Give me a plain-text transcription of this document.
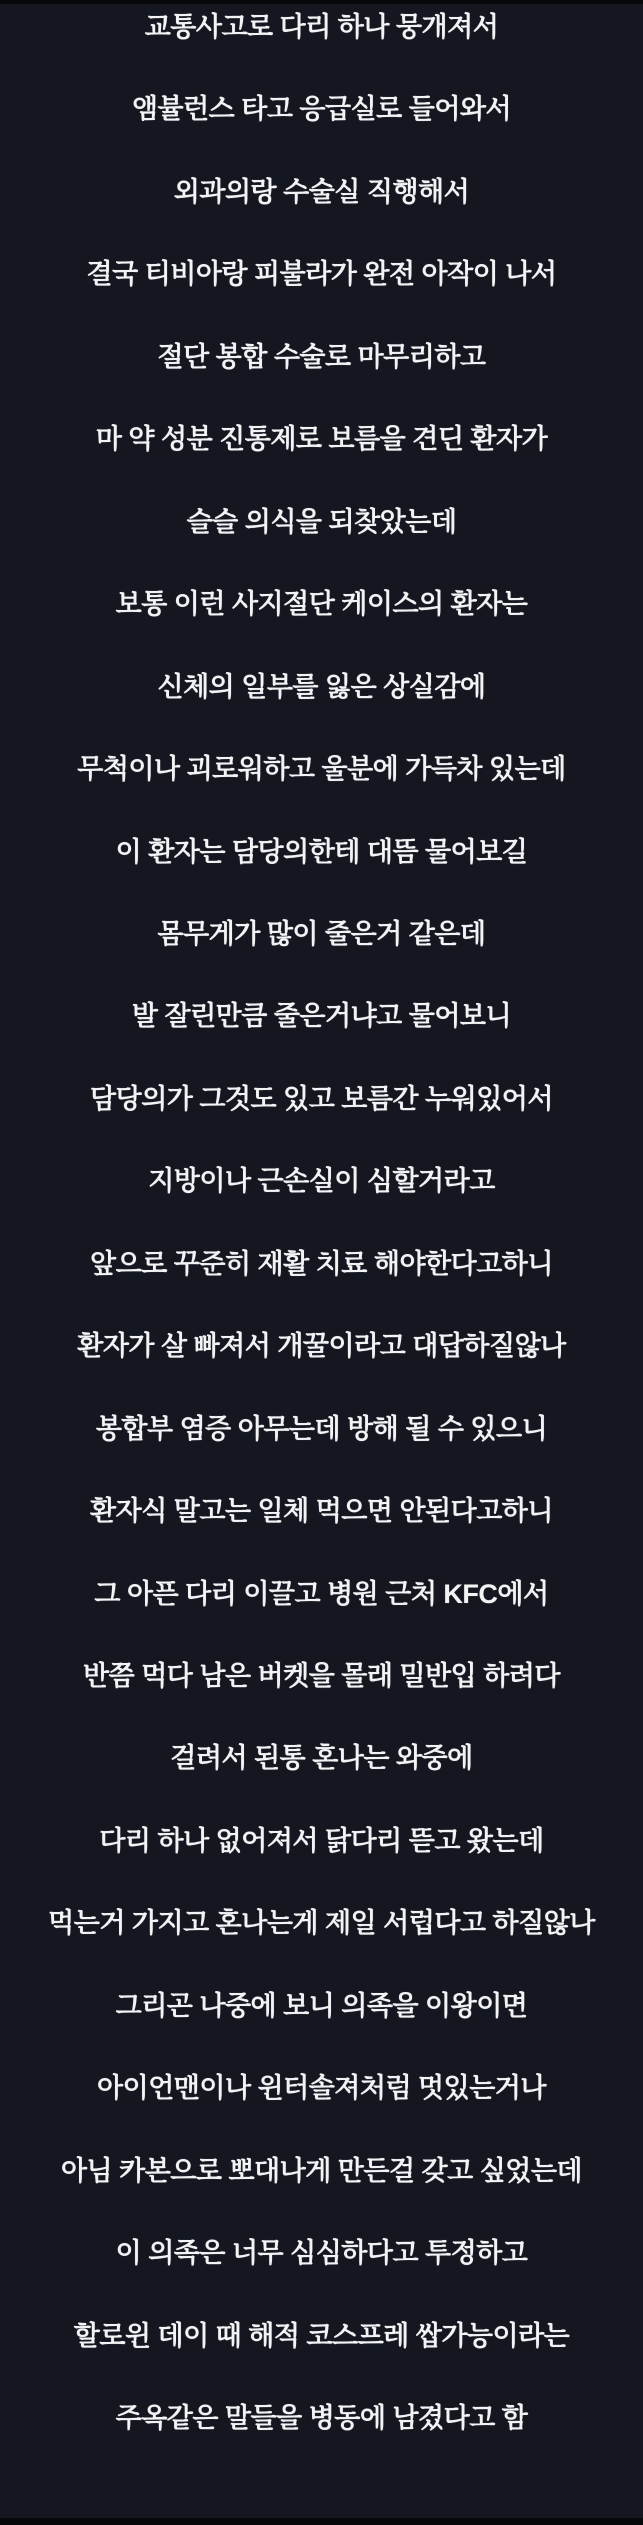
교통사고로 다리 하나 뭉개져서
앰뷸런스 타고 응급실로 들어와서
외과의랑 수술실 직행해서
결국 티비아랑 피불라가 완전 아작이 나서
절단 봉합 수술로 마무리하고
마 약 성분 진통제로 보름을 견딘 환자가
슬슬 의식을 되찾았는데
보통 이런 사지절단 케이스의 환자는
신체의 일부를 잃은 상실감에
무척이나 괴로워하고 울분에 가득차 있는데
이 환자는 담당의한테 대뜸 물어보길
몸무게가 많이 줄은거 같은데
발 잘린만큼 줄은거냐고 물어보니
담당의가 그것도 있고 보름간 누워있어서
지방이나 근손실이 심할거라고
앞으로 꾸준히 재활 치료 해야한다고하니
환자가 살 빠져서 개꿀이라고 대답하질않나
봉합부 염증 아무는데 방해 될 수 있으니
환자식 말고는 일체 먹으면 안된다고하니
그 아픈 다리 이끌고 병원 근처 KFC에서
반쯤 먹다 남은 버켓을 몰래 밀반입 하려다
걸려서 된통 혼나는 와중에
다리 하나 없어져서 닭다리 뜯고 왔는데
먹는거 가지고 혼나는게 제일 서럽다고 하질않나
그리곤 나중에 보니 의족을 이왕이면
아이언맨이나 윈터솔져처럼 멋있는거나
아님 카본으로 뽀대나게 만든걸 갖고 싶었는데
이 의족은 너무 심심하다고 투정하고
할로윈 데이 때 해적 코스프레 쌉가능이라는
주옥같은 말들을 병동에 남겼다고 함
